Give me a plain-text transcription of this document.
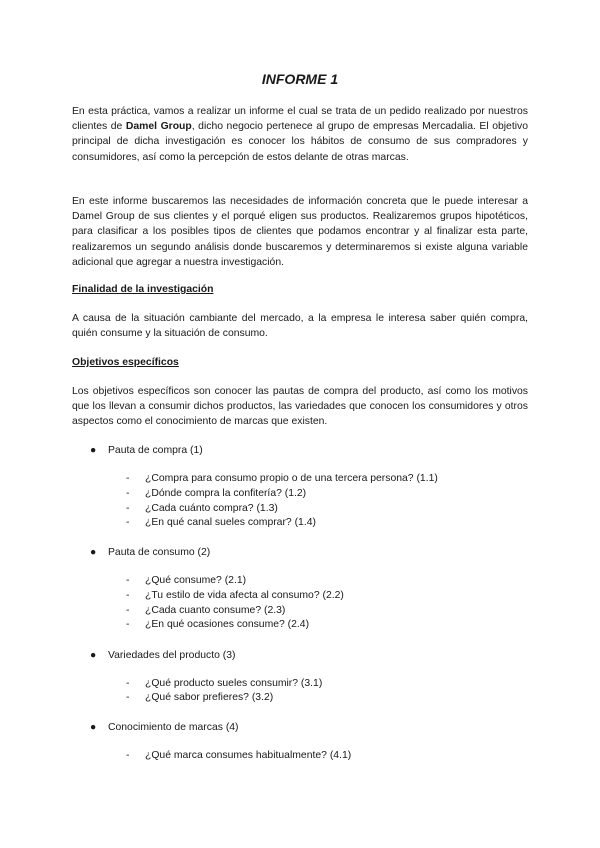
INFORME 1
En esta práctica, vamos a realizar un informe el cual se trata de un pedido realizado por nuestros clientes de Damel Group, dicho negocio pertenece al grupo de empresas Mercadalia. El objetivo principal de dicha investigación es conocer los hábitos de consumo de sus compradores y consumidores, así como la percepción de estos delante de otras marcas.
En este informe buscaremos las necesidades de información concreta que le puede interesar a Damel Group de sus clientes y el porqué eligen sus productos. Realizaremos grupos hipotéticos, para clasificar a los posibles tipos de clientes que podamos encontrar y al finalizar esta parte, realizaremos un segundo análisis donde buscaremos y determinaremos si existe alguna variable adicional que agregar a nuestra investigación.
Finalidad de la investigación
A causa de la situación cambiante del mercado, a la empresa le interesa saber quién compra, quién consume y la situación de consumo.
Objetivos específicos
Los objetivos específicos son conocer las pautas de compra del producto, así como los motivos que los llevan a consumir dichos productos, las variedades que conocen los consumidores y otros aspectos como el conocimiento de marcas que existen.
● Pauta de compra (1)
- ¿Compra para consumo propio o de una tercera persona? (1.1)
- ¿Dónde compra la confitería? (1.2)
- ¿Cada cuánto compra? (1.3)
- ¿En qué canal sueles comprar? (1.4)
● Pauta de consumo (2)
- ¿Qué consume? (2.1)
- ¿Tu estilo de vida afecta al consumo? (2.2)
- ¿Cada cuanto consume? (2.3)
- ¿En qué ocasiones consume? (2.4)
● Variedades del producto (3)
- ¿Qué producto sueles consumir? (3.1)
- ¿Qué sabor prefieres? (3.2)
● Conocimiento de marcas (4)
- ¿Qué marca consumes habitualmente? (4.1)
